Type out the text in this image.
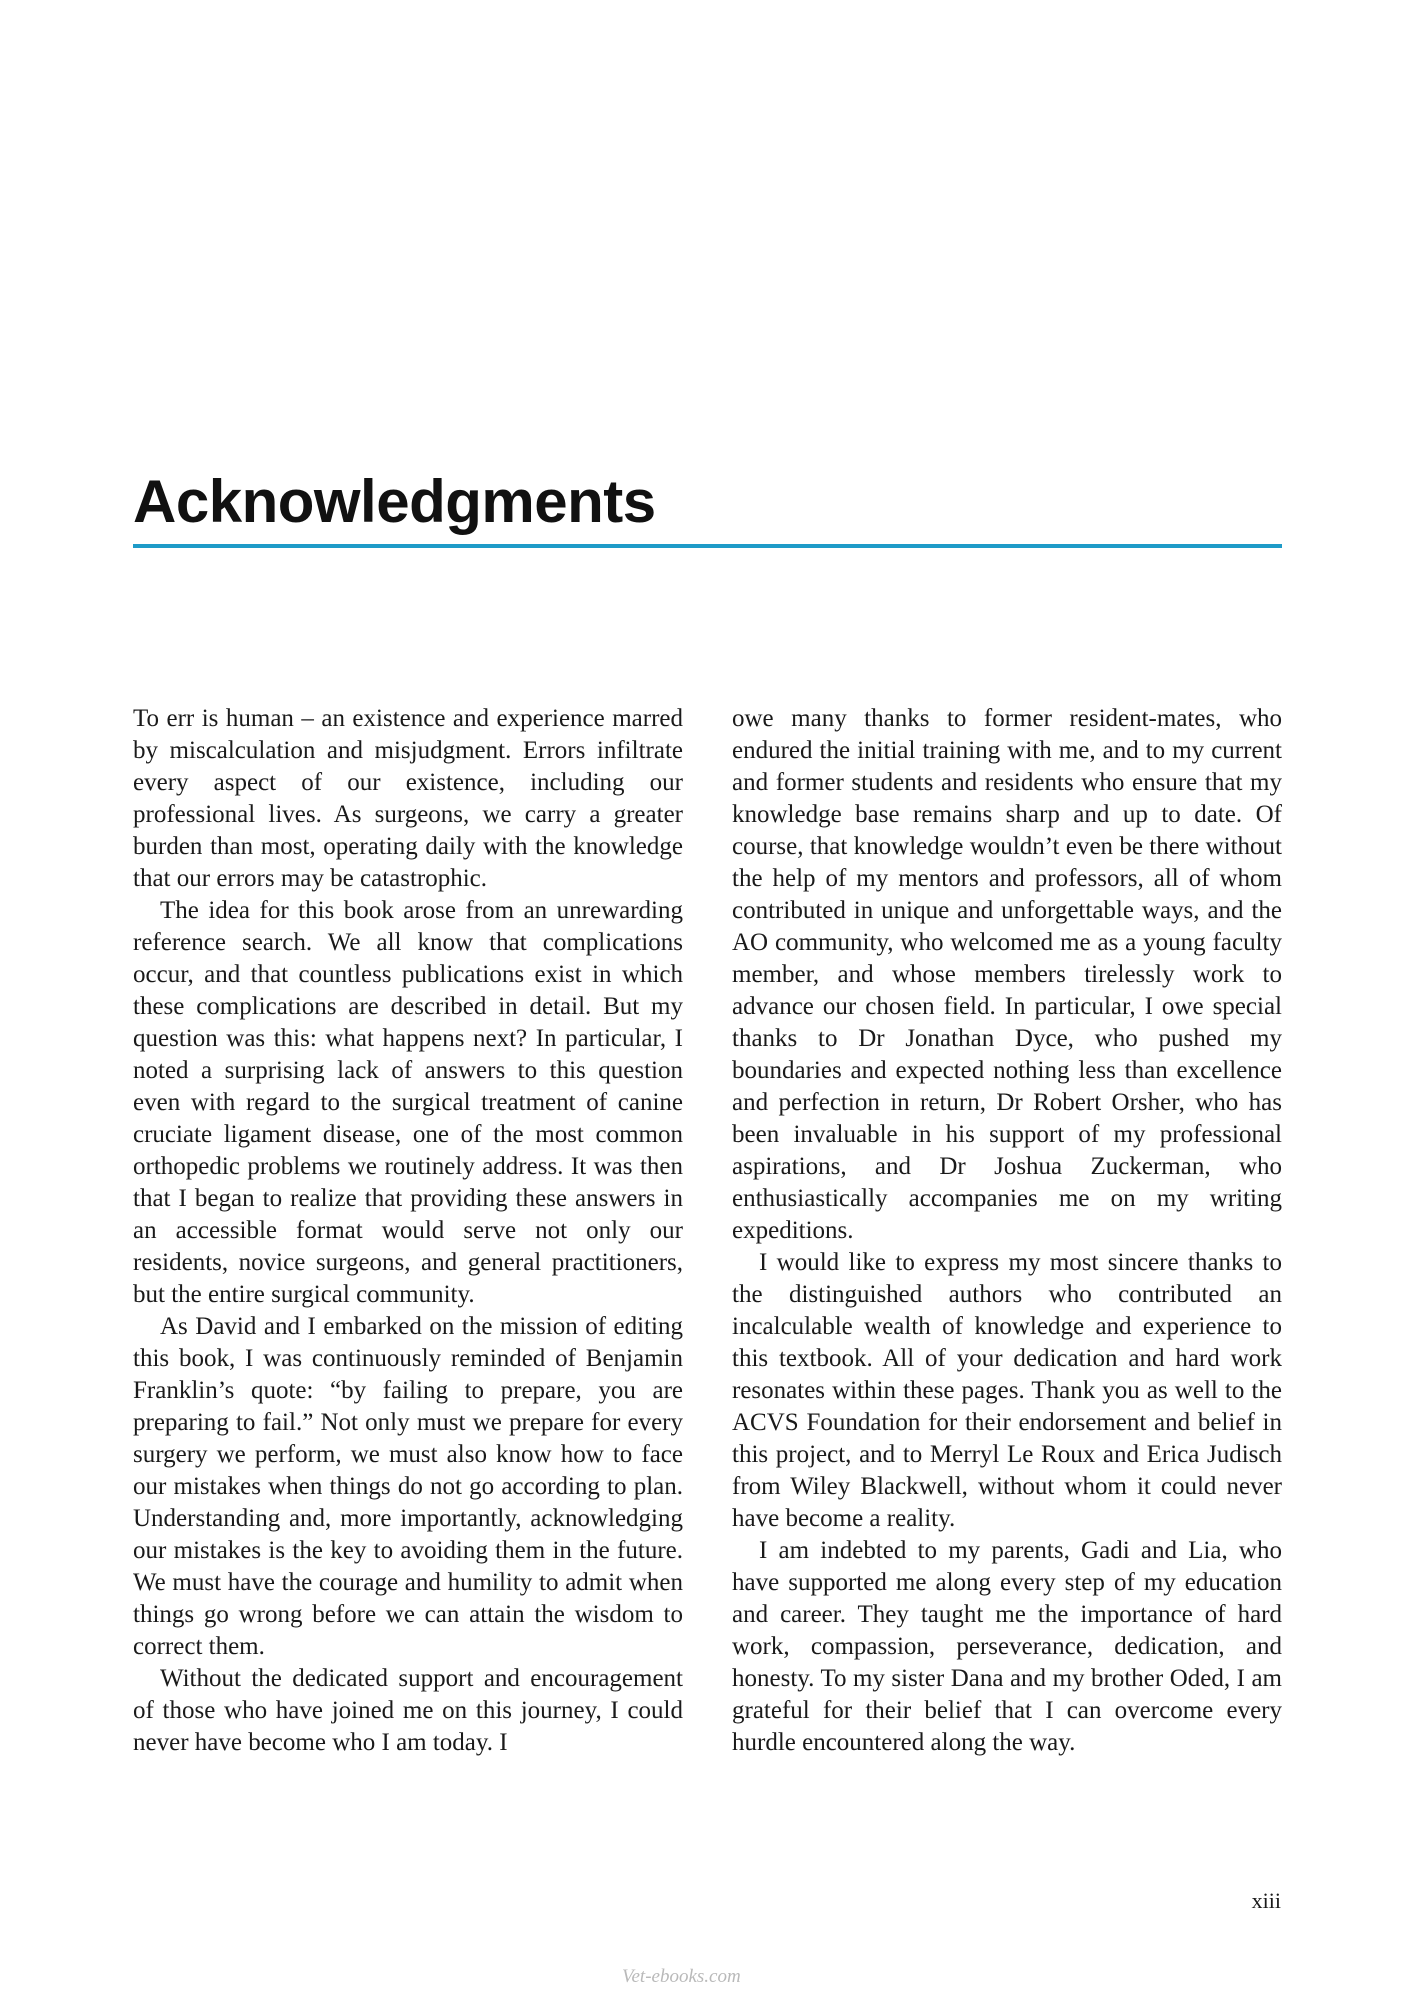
Acknowledgments

To err is human – an existence and experience marred by miscalculation and misjudgment. Errors infiltrate every aspect of our existence, including our professional lives. As surgeons, we carry a greater burden than most, operating daily with the knowledge that our errors may be catastrophic.

The idea for this book arose from an unrewarding reference search. We all know that complications occur, and that countless publications exist in which these complications are described in detail. But my question was this: what happens next? In particular, I noted a surprising lack of answers to this question even with regard to the surgical treatment of canine cruciate ligament disease, one of the most common orthopedic problems we routinely address. It was then that I began to realize that providing these answers in an accessible format would serve not only our residents, novice surgeons, and general practitioners, but the entire surgical community.

As David and I embarked on the mission of editing this book, I was continuously reminded of Benjamin Franklin’s quote: “by failing to prepare, you are preparing to fail.” Not only must we prepare for every surgery we perform, we must also know how to face our mistakes when things do not go according to plan. Understanding and, more importantly, acknowledging our mistakes is the key to avoiding them in the future. We must have the courage and humility to admit when things go wrong before we can attain the wisdom to correct them.

Without the dedicated support and encouragement of those who have joined me on this journey, I could never have become who I am today. I

owe many thanks to former resident-mates, who endured the initial training with me, and to my current and former students and residents who ensure that my knowledge base remains sharp and up to date. Of course, that knowledge wouldn’t even be there without the help of my mentors and professors, all of whom contributed in unique and unforgettable ways, and the AO community, who welcomed me as a young faculty member, and whose members tirelessly work to advance our chosen field. In particular, I owe special thanks to Dr Jonathan Dyce, who pushed my boundaries and expected nothing less than excellence and perfection in return, Dr Robert Orsher, who has been invaluable in his support of my professional aspirations, and Dr Joshua Zuckerman, who enthusiastically accompanies me on my writing expeditions.

I would like to express my most sincere thanks to the distinguished authors who contributed an incalculable wealth of knowledge and experience to this textbook. All of your dedication and hard work resonates within these pages. Thank you as well to the ACVS Foundation for their endorsement and belief in this project, and to Merryl Le Roux and Erica Judisch from Wiley Blackwell, without whom it could never have become a reality.

I am indebted to my parents, Gadi and Lia, who have supported me along every step of my education and career. They taught me the importance of hard work, compassion, perseverance, dedication, and honesty. To my sister Dana and my brother Oded, I am grateful for their belief that I can overcome every hurdle encountered along the way.

xiii
Vet-ebooks.com
